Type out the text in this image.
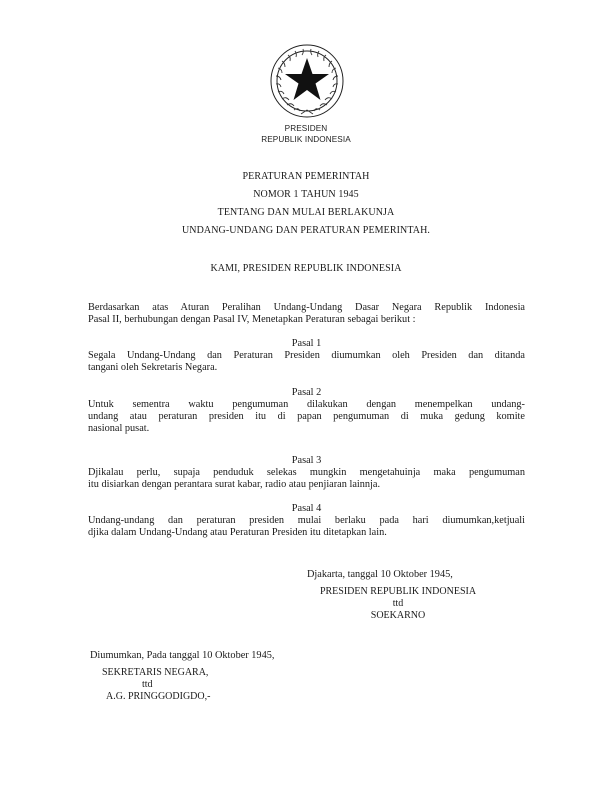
PRESIDEN
REPUBLIK INDONESIA
PERATURAN PEMERINTAH
NOMOR 1 TAHUN 1945
TENTANG DAN MULAI BERLAKUNJA
UNDANG-UNDANG DAN PERATURAN PEMERINTAH.
KAMI, PRESIDEN REPUBLIK INDONESIA
Berdasarkan atas Aturan Peralihan Undang-Undang Dasar Negara Republik Indonesia
Pasal II, berhubungan dengan Pasal IV, Menetapkan Peraturan sebagai berikut :
Pasal 1
Segala Undang-Undang dan Peraturan Presiden diumumkan oleh Presiden dan ditanda
tangani oleh Sekretaris Negara.
Pasal 2
Untuk sementra waktu pengumuman dilakukan dengan menempelkan undang-
undang atau peraturan presiden itu di papan pengumuman di muka gedung komite
nasional pusat.
Pasal 3
Djikalau perlu, supaja penduduk selekas mungkin mengetahuinja maka pengumuman
itu disiarkan dengan perantara surat kabar, radio atau penjiaran lainnja.
Pasal 4
Undang-undang dan peraturan presiden mulai berlaku pada hari diumumkan,ketjuali
djika dalam Undang-Undang atau Peraturan Presiden itu ditetapkan lain.
Djakarta, tanggal 10 Oktober 1945,
PRESIDEN REPUBLIK INDONESIA
ttd
SOEKARNO
Diumumkan, Pada tanggal 10 Oktober 1945,
SEKRETARIS NEGARA,
ttd
A.G. PRINGGODIGDO,-
